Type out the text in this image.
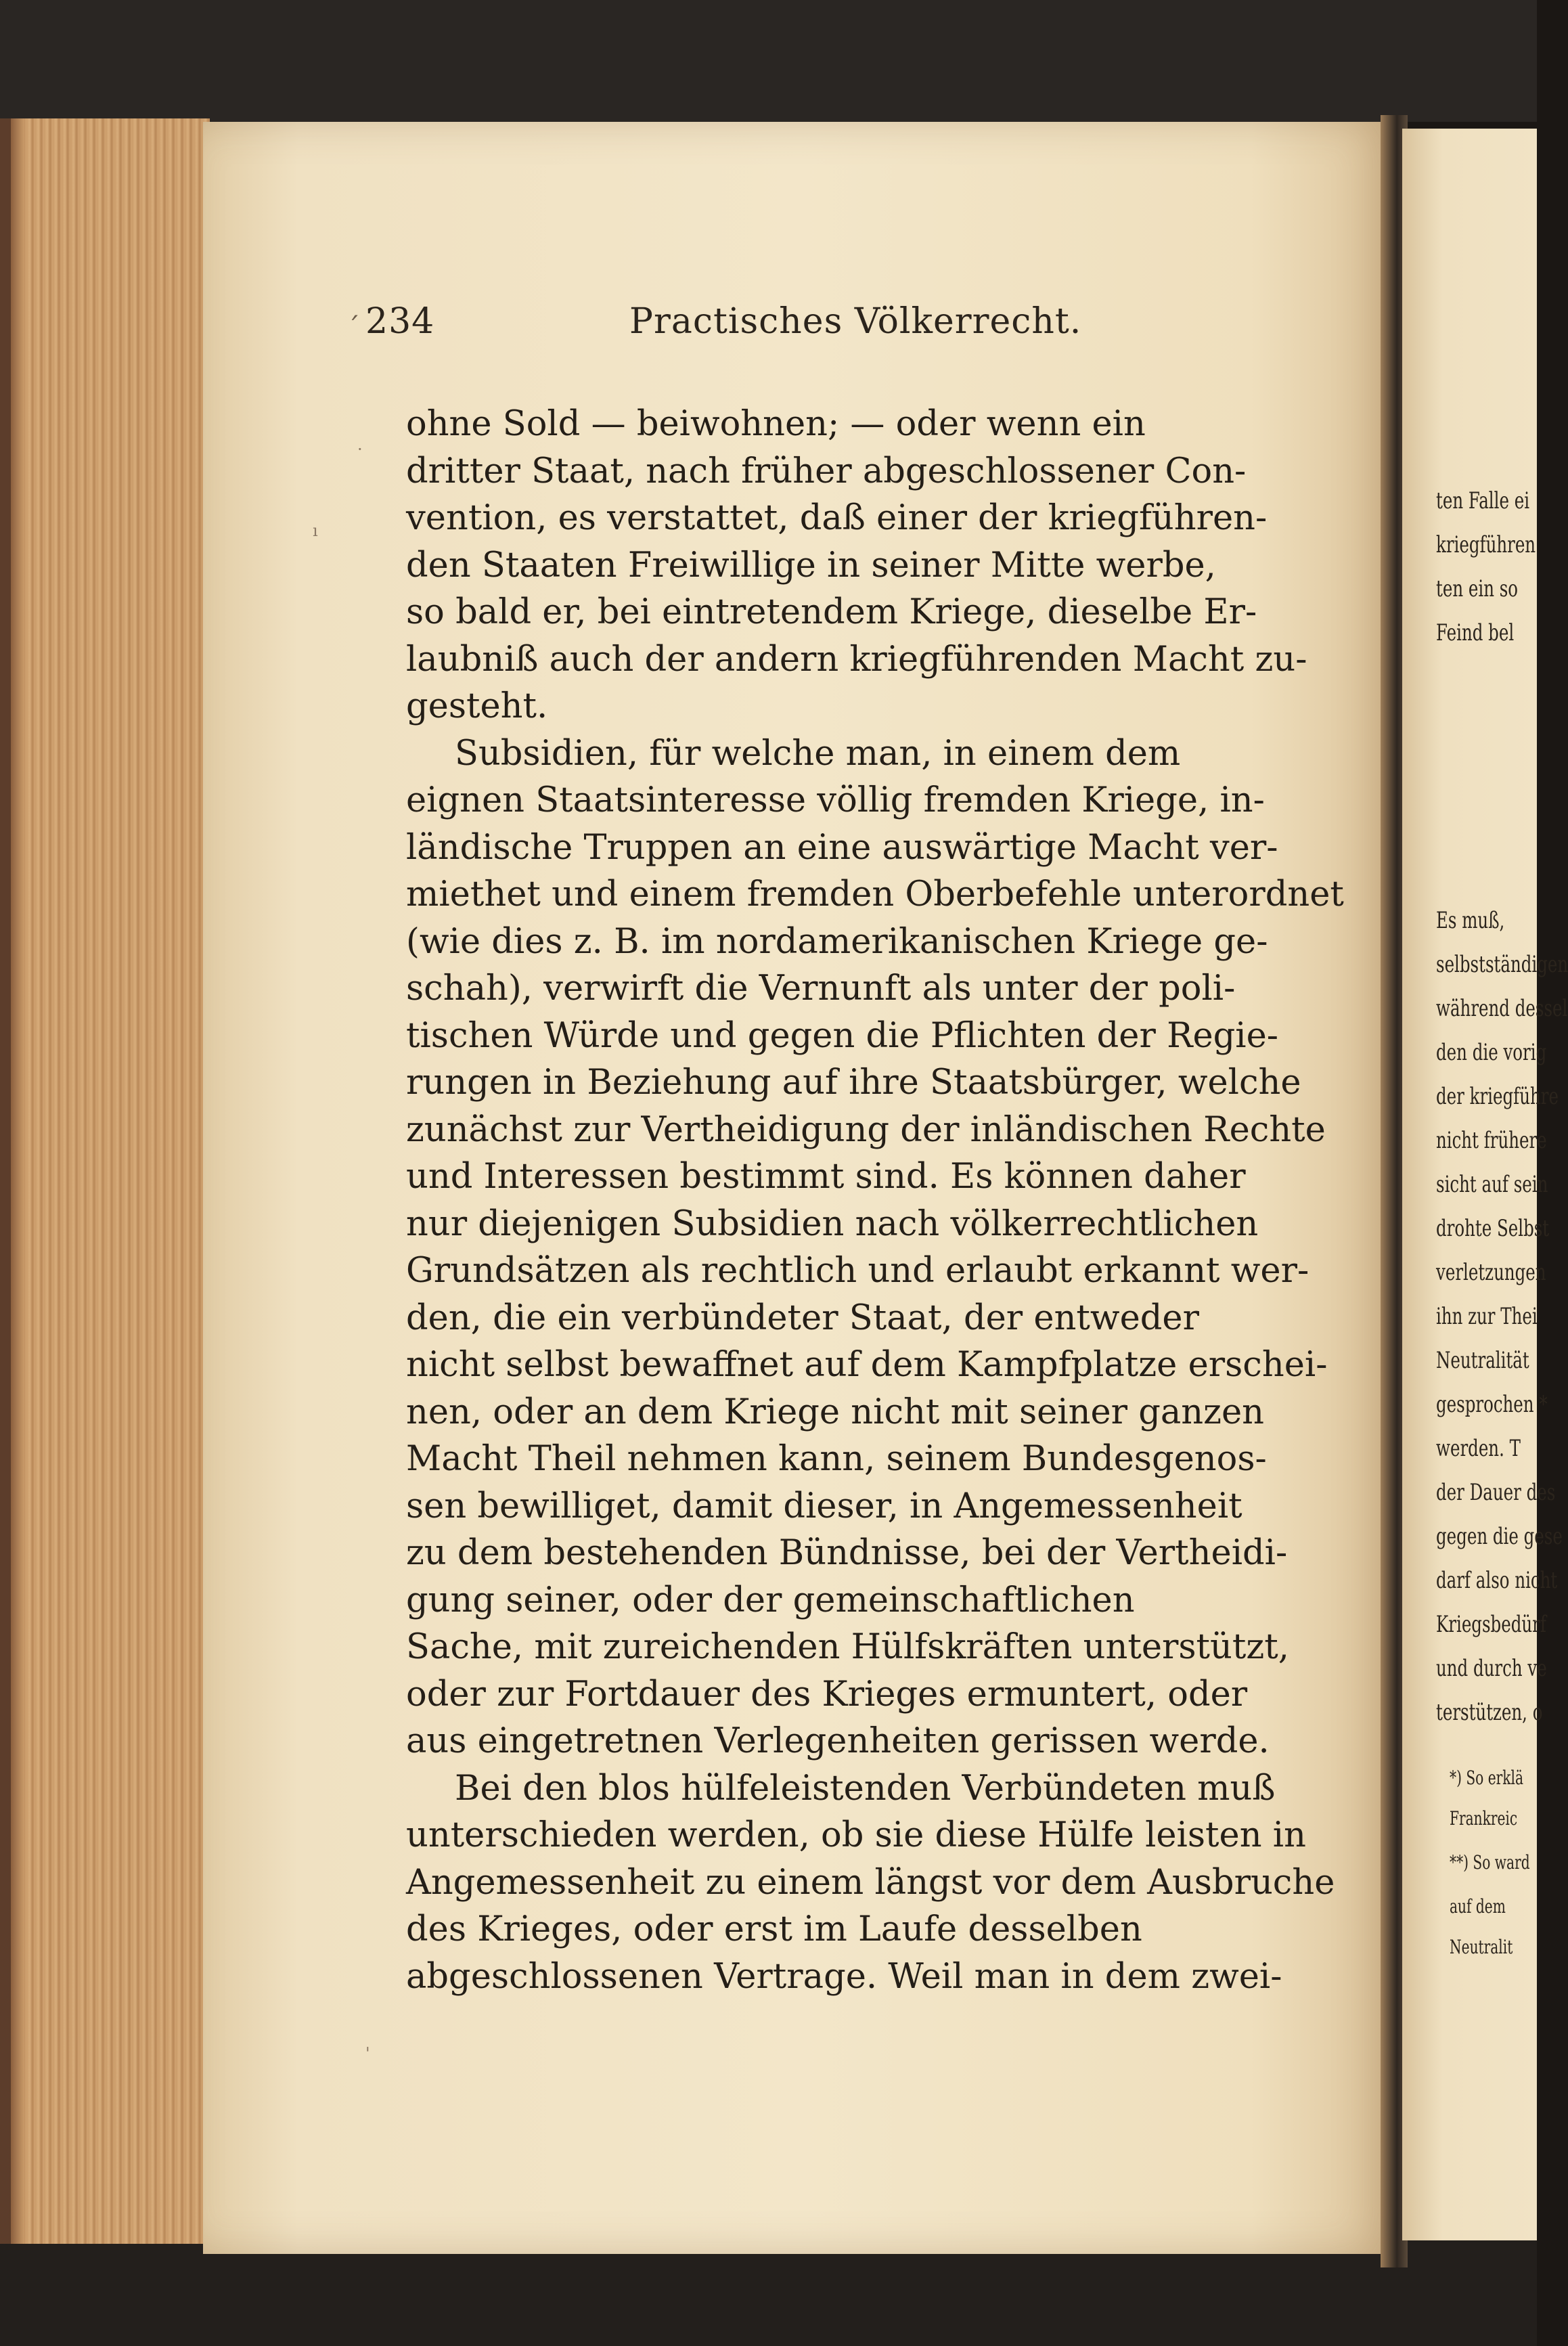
ten Falle ei
kriegführen
ten ein so
Feind bel
Es muß,
selbstständigen
während dessel
den die vorig
der kriegführe
nicht frühere
sicht auf sein
drohte Selbst
verletzungen
ihn zur Thei
Neutralität
gesprochen *
werden. T
der Dauer des
gegen die gese
darf also nicht
Kriegsbedürf
und durch ve
terstützen, o
*) So erklä
Frankreic
**) So ward
auf dem
Neutralit
234	Practisches Völkerrecht.
´
ohne Sold — beiwohnen; — oder wenn ein
dritter Staat, nach früher abgeschlossener Con-
vention, es verstattet, daß einer der kriegführen-
den Staaten Freiwillige in seiner Mitte werbe,
so bald er, bei eintretendem Kriege, dieselbe Er-
laubniß auch der andern kriegführenden Macht zu-
gesteht.
Subsidien, für welche man, in einem dem
eignen Staatsinteresse völlig fremden Kriege, in-
ländische Truppen an eine auswärtige Macht ver-
miethet und einem fremden Oberbefehle unterordnet
(wie dies z. B. im nordamerikanischen Kriege ge-
schah), verwirft die Vernunft als unter der poli-
tischen Würde und gegen die Pflichten der Regie-
rungen in Beziehung auf ihre Staatsbürger, welche
zunächst zur Vertheidigung der inländischen Rechte
und Interessen bestimmt sind. Es können daher
nur diejenigen Subsidien nach völkerrechtlichen
Grundsätzen als rechtlich und erlaubt erkannt wer-
den, die ein verbündeter Staat, der entweder
nicht selbst bewaffnet auf dem Kampfplatze erschei-
nen, oder an dem Kriege nicht mit seiner ganzen
Macht Theil nehmen kann, seinem Bundesgenos-
sen bewilliget, damit dieser, in Angemessenheit
zu dem bestehenden Bündnisse, bei der Vertheidi-
gung seiner, oder der gemeinschaftlichen
Sache, mit zureichenden Hülfskräften unterstützt,
oder zur Fortdauer des Krieges ermuntert, oder
aus eingetretnen Verlegenheiten gerissen werde.
Bei den blos hülfeleistenden Verbündeten muß
unterschieden werden, ob sie diese Hülfe leisten in
Angemessenheit zu einem längst vor dem Ausbruche
des Krieges, oder erst im Laufe desselben
abgeschlossenen Vertrage. Weil man in dem zwei-
·
ı
'
